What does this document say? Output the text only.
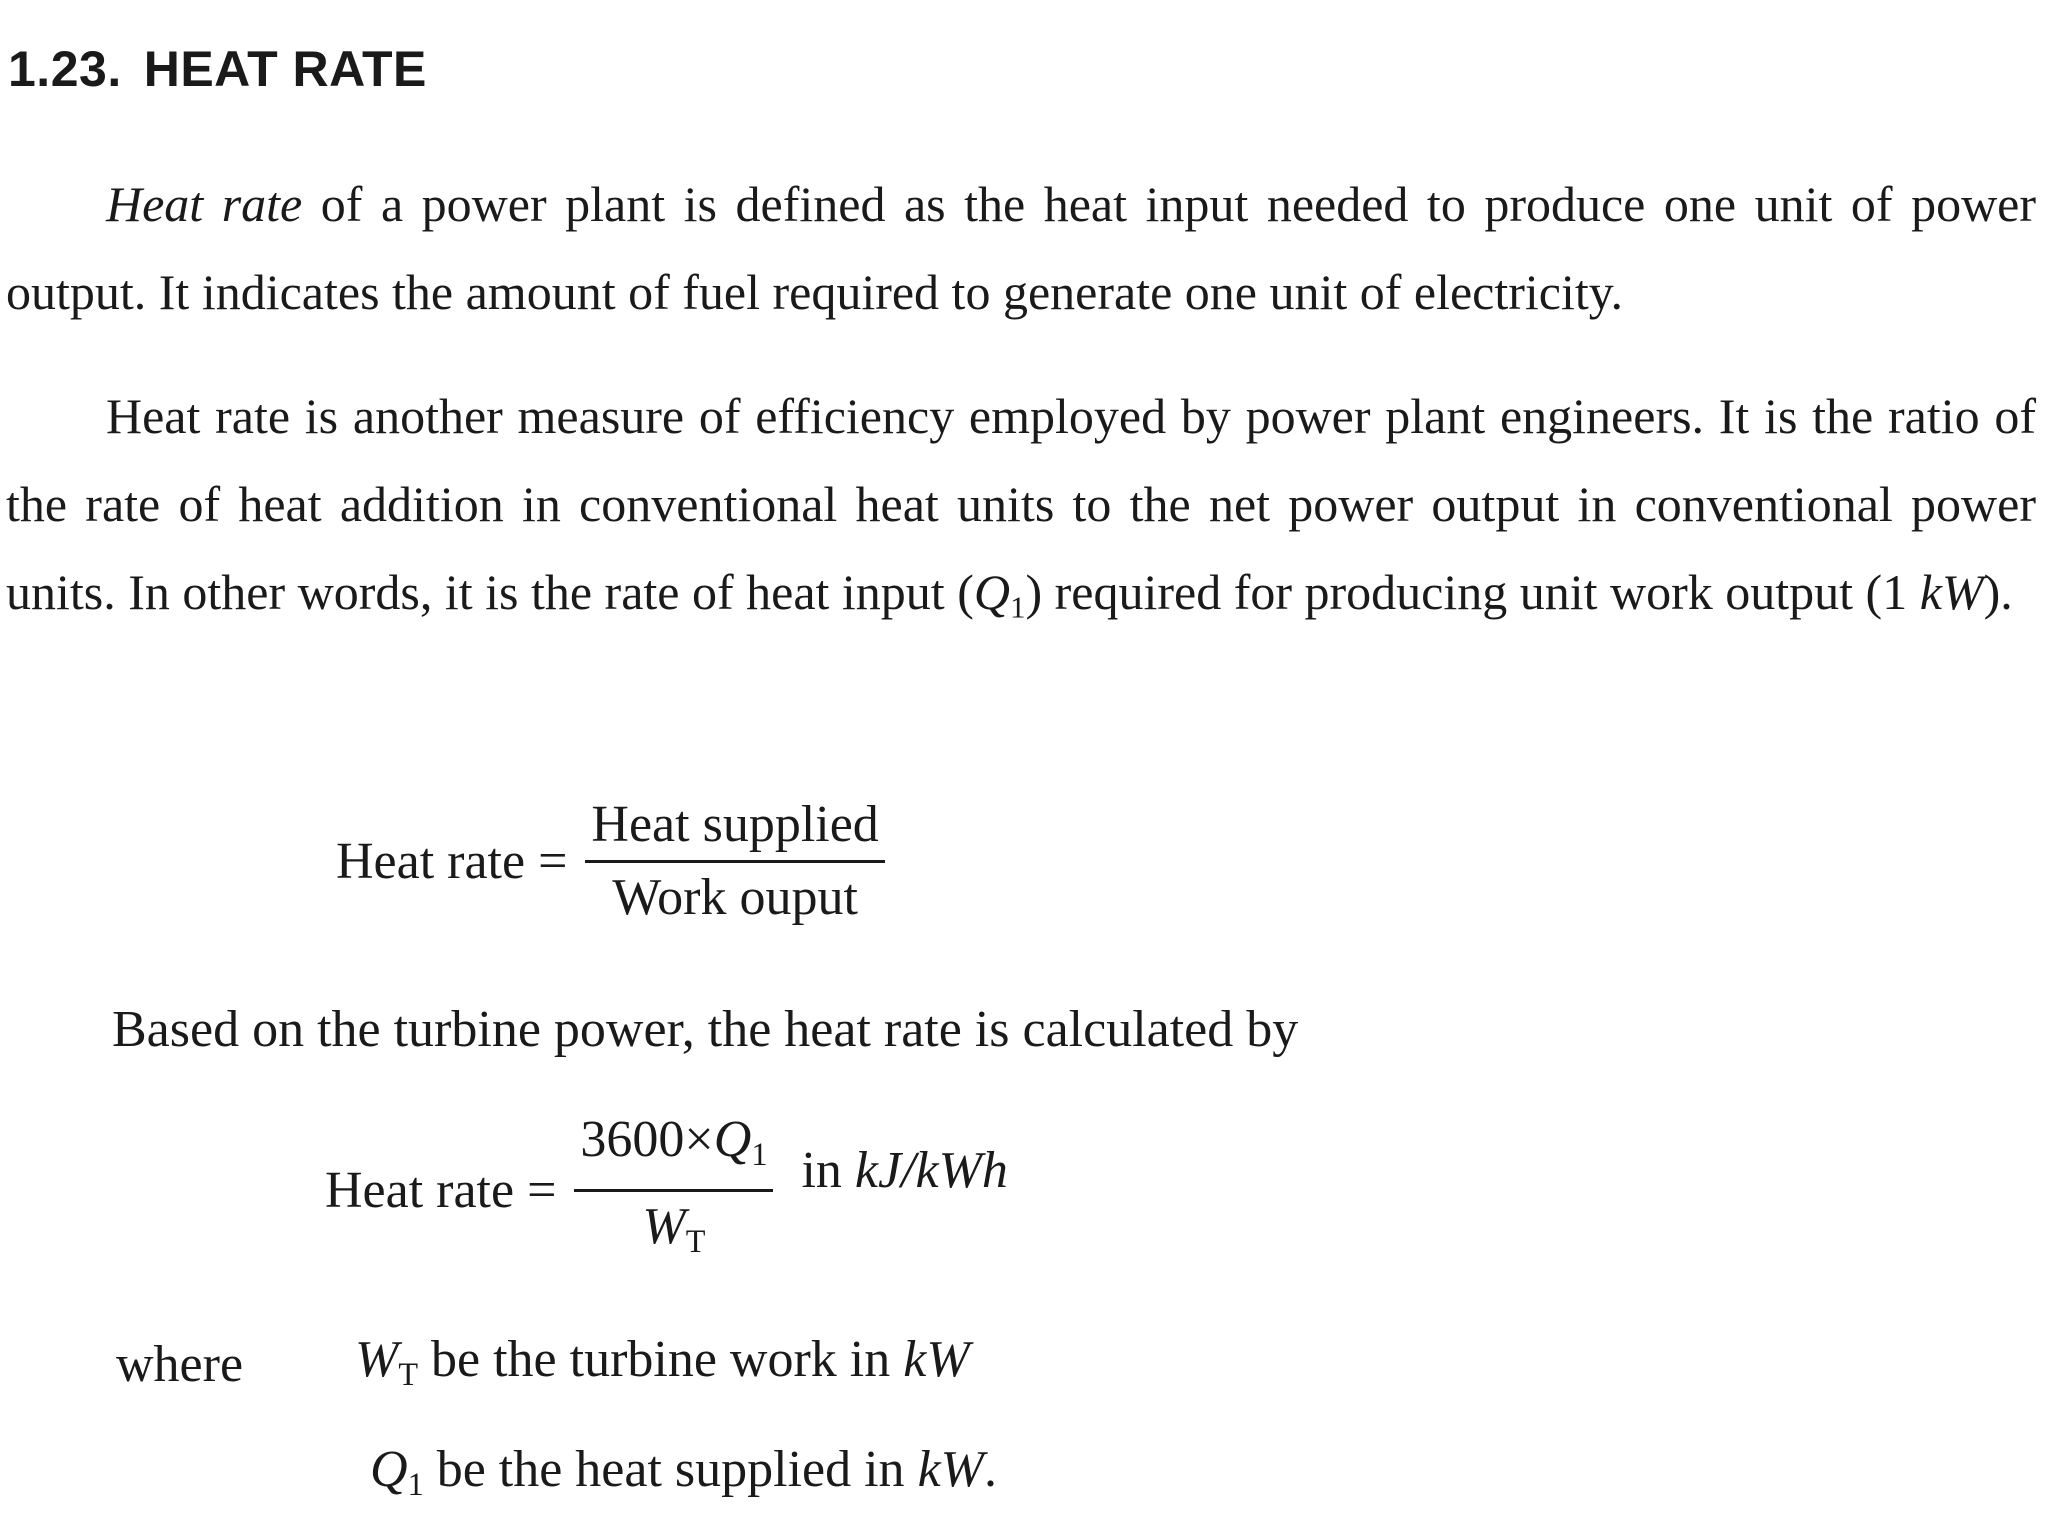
1.23. HEAT RATE
Heat rate of a power plant is defined as the heat input needed to produce one unit of power output. It indicates the amount of fuel required to generate one unit of electricity.
Heat rate is another measure of efficiency employed by power plant engineers. It is the ratio of the rate of heat addition in conventional heat units to the net power output in conventional power units. In other words, it is the rate of heat input $(Q_1)$ required for producing unit work output (1 kW).
Heat rate = $\frac{\text{Heat supplied}}{\text{Work ouput}}$
Based on the turbine power, the heat rate is calculated by
Heat rate = $\frac{3600\times Q_1}{W_T}$ in kJ/kWh
where $W_T$ be the turbine work in kW
$Q_1$ be the heat supplied in kW.
